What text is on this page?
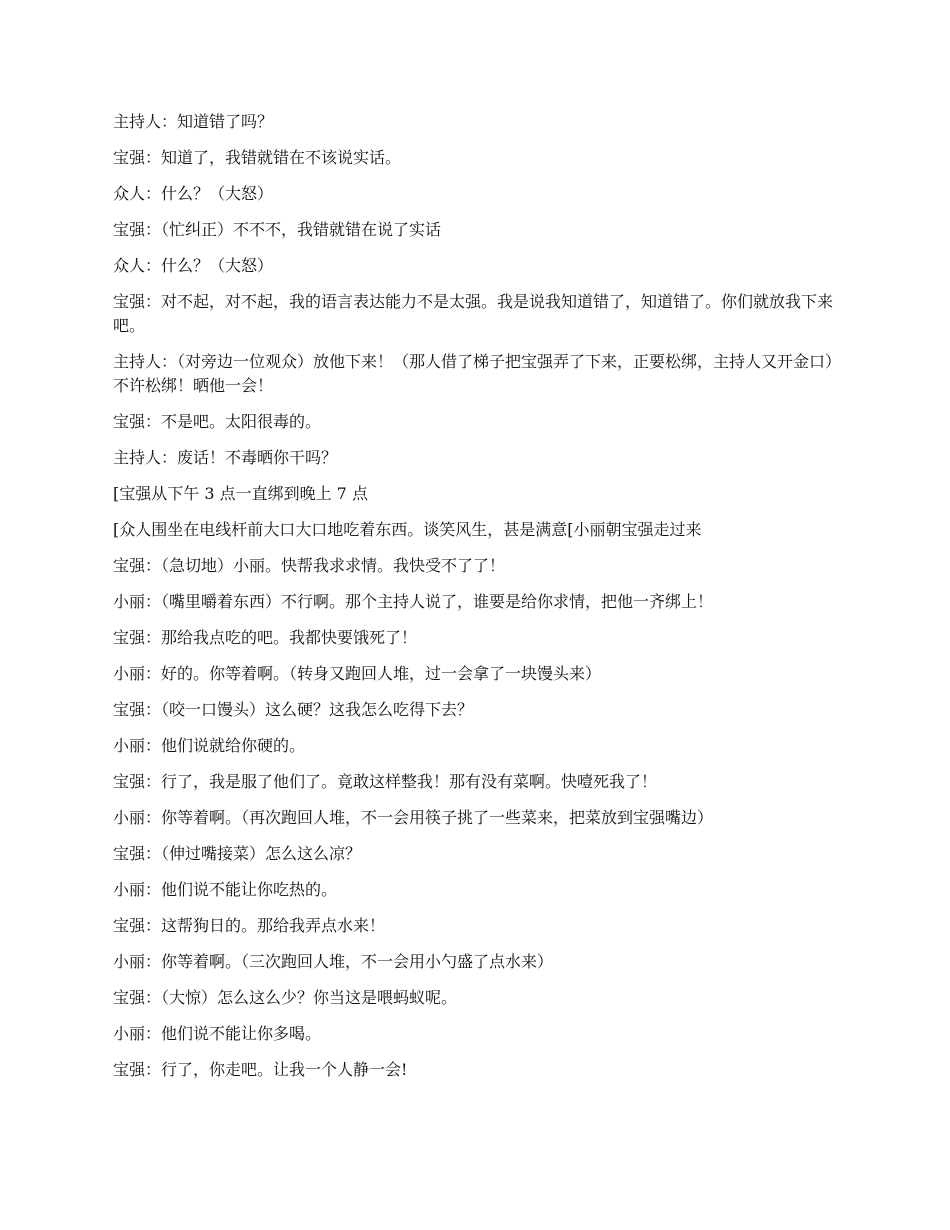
主持人：知道错了吗？

宝强：知道了，我错就错在不该说实话。

众人：什么？（大怒）

宝强：（忙纠正）不不不，我错就错在说了实话

众人：什么？（大怒）

宝强：对不起，对不起，我的语言表达能力不是太强。我是说我知道错了，知道错了。你们就放我下来吧。

主持人：（对旁边一位观众）放他下来！（那人借了梯子把宝强弄了下来，正要松绑，主持人又开金口）不许松绑！晒他一会！

宝强：不是吧。太阳很毒的。

主持人：废话！不毒晒你干吗？

[宝强从下午 3 点一直绑到晚上 7 点

[众人围坐在电线杆前大口大口地吃着东西。谈笑风生，甚是满意[小丽朝宝强走过来

宝强：（急切地）小丽。快帮我求求情。我快受不了了！

小丽：（嘴里嚼着东西）不行啊。那个主持人说了，谁要是给你求情，把他一齐绑上！

宝强：那给我点吃的吧。我都快要饿死了！

小丽：好的。你等着啊。（转身又跑回人堆，过一会拿了一块馒头来）

宝强：（咬一口馒头）这么硬？这我怎么吃得下去？

小丽：他们说就给你硬的。

宝强：行了，我是服了他们了。竟敢这样整我！那有没有菜啊。快噎死我了！

小丽：你等着啊。（再次跑回人堆，不一会用筷子挑了一些菜来，把菜放到宝强嘴边）

宝强：（伸过嘴接菜）怎么这么凉？

小丽：他们说不能让你吃热的。

宝强：这帮狗日的。那给我弄点水来！

小丽：你等着啊。（三次跑回人堆，不一会用小勺盛了点水来）

宝强：（大惊）怎么这么少？你当这是喂蚂蚁呢。

小丽：他们说不能让你多喝。

宝强：行了，你走吧。让我一个人静一会!
